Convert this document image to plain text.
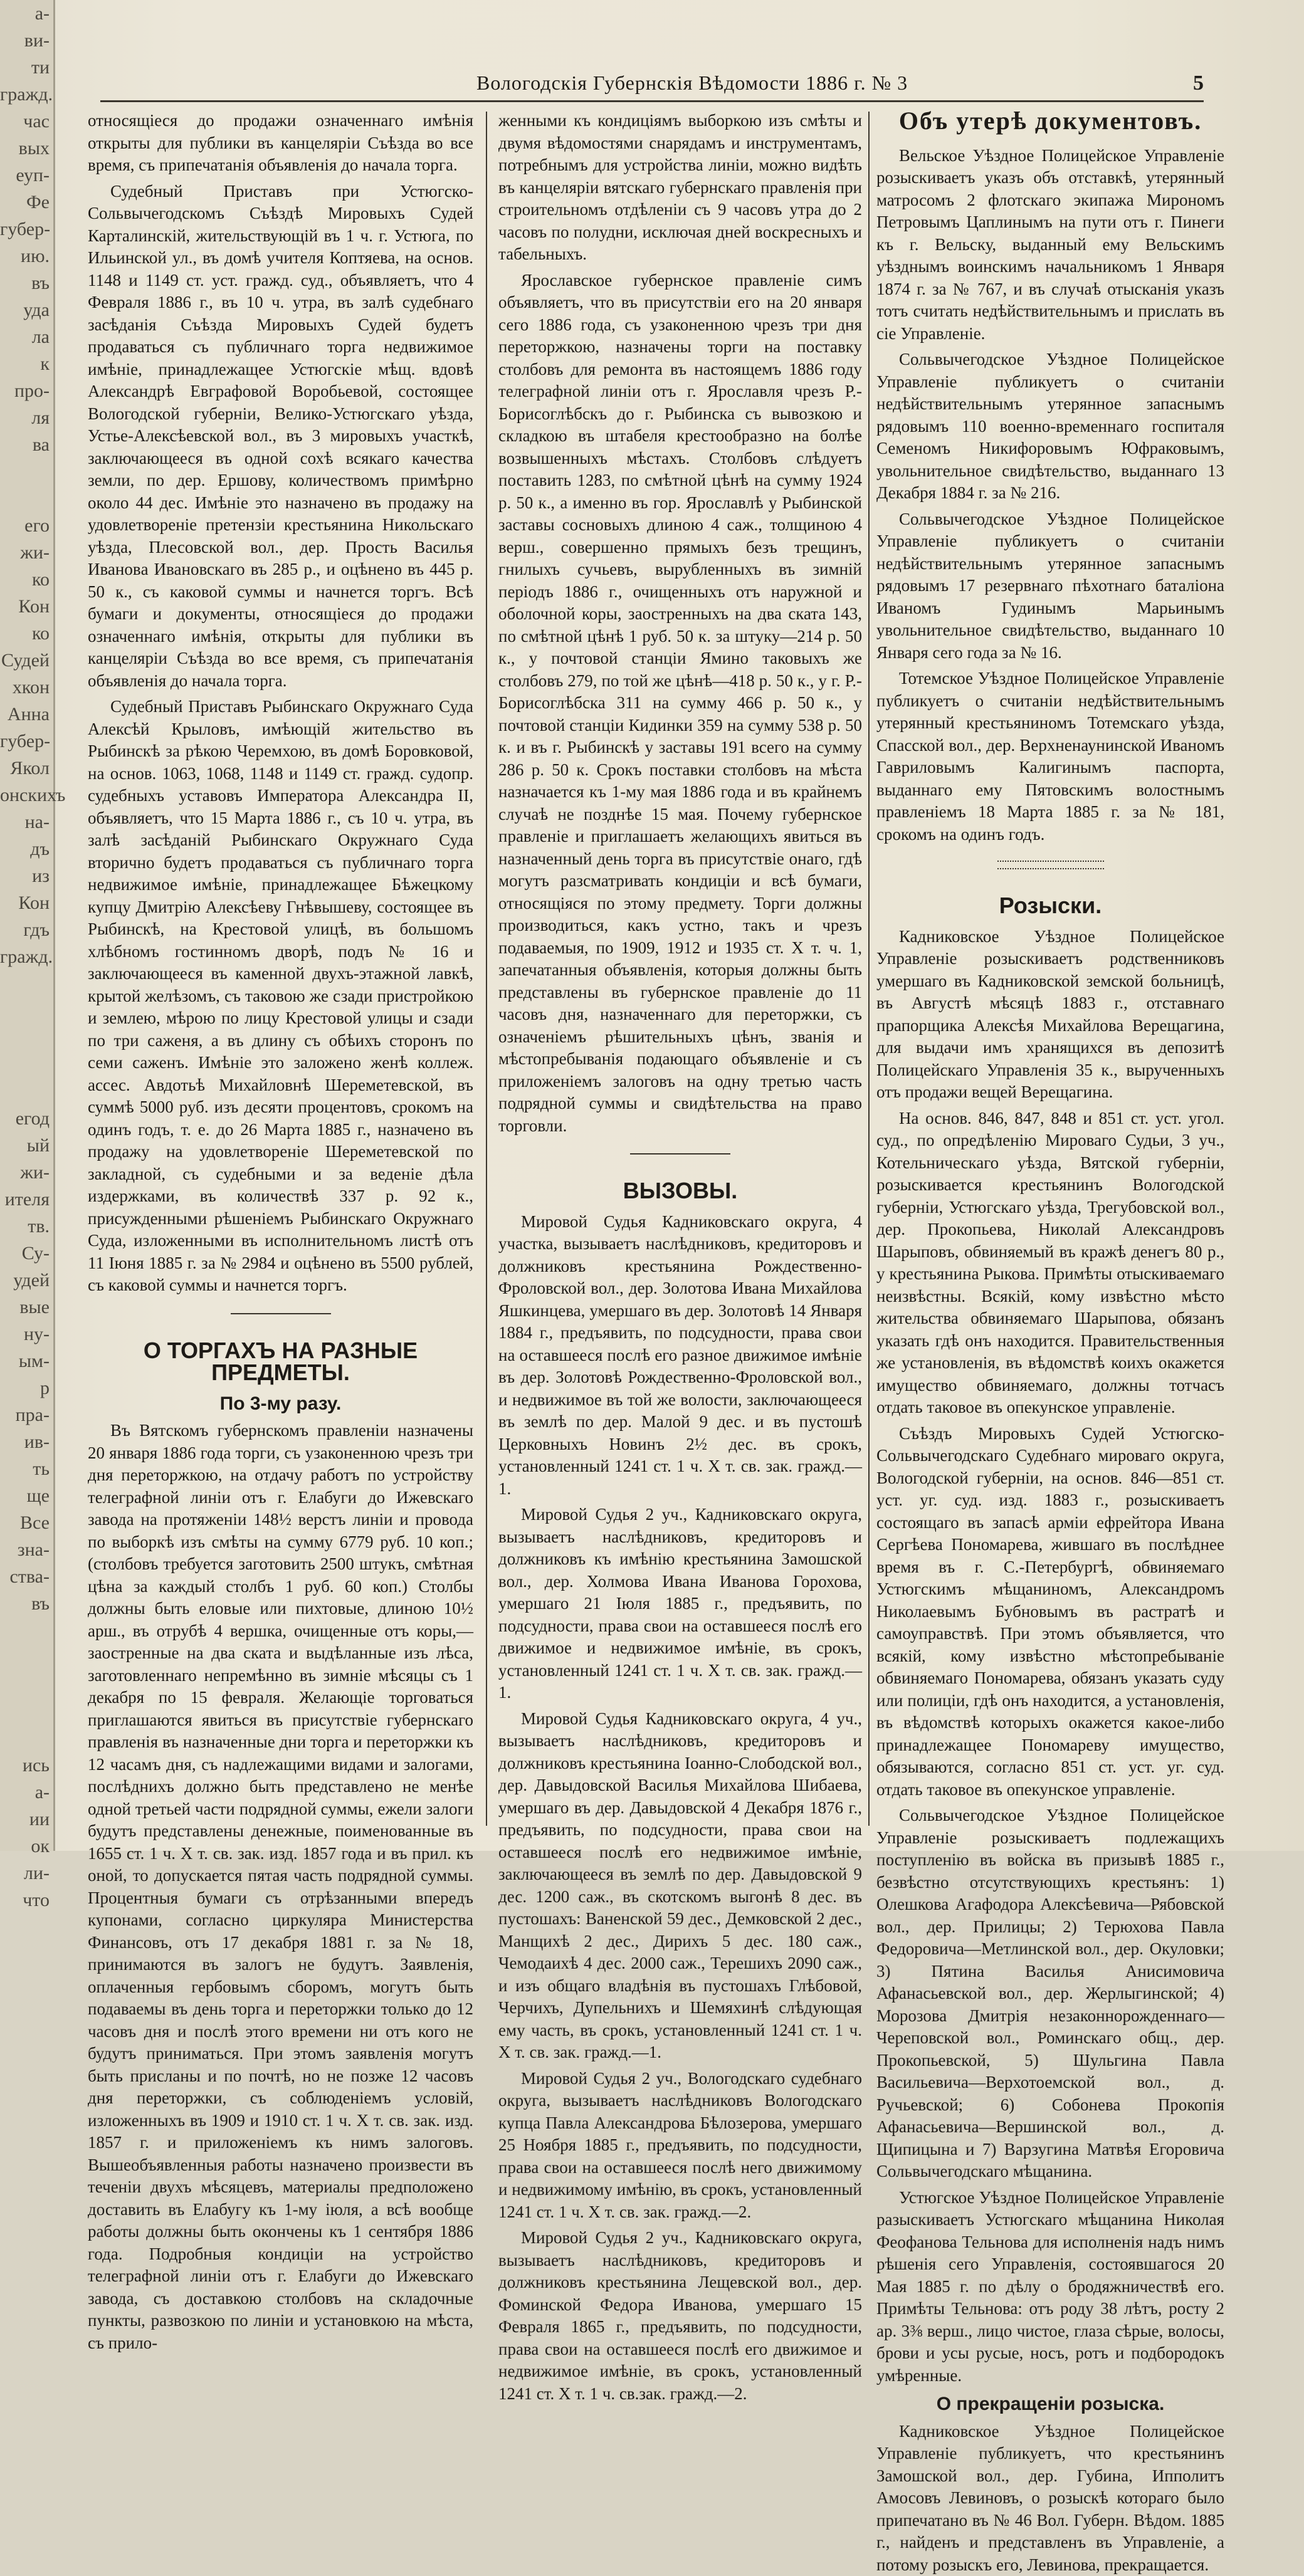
а-
ви-
ти
гражд.
час
вых
еуп-
Фе
губер-
ию.
въ
уда
ла
к
про-
ля
ва

его
жи-
ко
Кон
ко
Судей
хкон
Анна
губер-
Якол
онскихъ
на-
дъ
из
Кон
гдъ
гражд.

егод
ый
жи-
ителя
тв.
Су-
удей
вые
ну-
ым-
р
пра-
ив-
ть
ще
Все
зна-
ства-
въ

ись
а-
ии
ок
ли-
что
Вологодскія Губернскія Вѣдомости 1886 г. № 3	5

относящіеся до продажи означеннаго имѣнія открыты для публики въ канцеляріи Съѣзда во все время, съ припечатанія объявленія до начала торга.

Судебный Приставъ при Устюгско-Сольвычегодскомъ Съѣздѣ Мировыхъ Судей Карталинскій, жительствующій въ 1 ч. г. Устюга, по Ильинской ул., въ домѣ учителя Коптяева, на основ. 1148 и 1149 ст. уст. гражд. суд., объявляетъ, что 4 Февраля 1886 г., въ 10 ч. утра, въ залѣ судебнаго засѣданія Съѣзда Мировыхъ Судей будетъ продаваться съ публичнаго торга недвижимое имѣніе, принадлежащее Устюгскіе мѣщ. вдовѣ Александрѣ Евграфовой Воробьевой, состоящее Вологодской губерніи, Велико-Устюгскаго уѣзда, Устье-Алексѣевской вол., въ 3 мировыхъ участкѣ, заключающееся въ одной сохѣ всякаго качества земли, по дер. Ершову, количествомъ примѣрно около 44 дес. Имѣніе это назначено въ продажу на удовлетвореніе претензіи крестьянина Никольскаго уѣзда, Плесовской вол., дер. Прость Василья Ивановa Ивановскаго въ 285 р., и оцѣнено въ 445 р. 50 к., съ каковой суммы и начнется торгъ. Всѣ бумаги и документы, относящіеся до продажи означеннаго имѣнія, открыты для публики въ канцеляріи Съѣзда во все время, съ припечатанія объявленія до начала торга.

Судебный Приставъ Рыбинскаго Окружнаго Суда Алексѣй Крыловъ, имѣющій жительство въ Рыбинскѣ за рѣкою Черемхою, въ домѣ Боровковой, на основ. 1063, 1068, 1148 и 1149 ст. гражд. судопр. судебныхъ уставовъ Императора Александра II, объявляетъ, что 15 Марта 1886 г., съ 10 ч. утра, въ залѣ засѣданій Рыбинскаго Окружнаго Суда вторично будетъ продаваться съ публичнаго торга недвижимое имѣніе, принадлежащее Бѣжецкому купцу Дмитрію Алексѣеву Гнѣвышеву, состоящее въ Рыбинскѣ, на Крестовой улицѣ, въ большомъ хлѣбномъ гостинномъ дворѣ, подъ № 16 и заключающееся въ каменной двухъ-этажной лавкѣ, крытой желѣзомъ, съ таковою же сзади пристройкою и землею, мѣрою по лицу Крестовой улицы и сзади по три саженя, а въ длину съ обѣихъ сторонъ по семи саженъ. Имѣніе это заложено женѣ коллеж. ассес. Авдотьѣ Михайловнѣ Шереметевской, въ суммѣ 5000 руб. изъ десяти процентовъ, срокомъ на одинъ годъ, т. е. до 26 Марта 1885 г., назначено въ продажу на удовлетвореніе Шереметевской по закладной, съ судебными и за веденіе дѣла издержками, въ количествѣ 337 р. 92 к., присужденными рѣшеніемъ Рыбинскаго Окружнаго Суда, изложенными въ исполнительномъ листѣ отъ 11 Іюня 1885 г. за № 2984 и оцѣнено въ 5500 рублей, съ каковой суммы и начнется торгъ.

О ТОРГАХЪ НА РАЗНЫЕ ПРЕДМЕТЫ.
По 3-му разу.

Въ Вятскомъ губернскомъ правленіи назначены 20 января 1886 года торги, съ узаконенною чрезъ три дня переторжкою, на отдачу работъ по устройству телеграфной линіи отъ г. Елабуги до Ижевскаго завода на протяженіи 148½ верстъ линіи и провода по выборкѣ изъ смѣты на сумму 6779 руб. 10 коп.; (столбовъ требуется заготовить 2500 штукъ, смѣтная цѣна за каждый столбъ 1 руб. 60 коп.) Столбы должны быть еловые или пихтовые, длиною 10½ арш., въ отрубѣ 4 вершка, очищенные отъ коры,—заостренные на два ската и выдѣланные изъ лѣса, заготовленнаго непремѣнно въ зимніе мѣсяцы съ 1 декабря по 15 февраля. Желающіе торговаться приглашаются явиться въ присутствіе губернскаго правленія въ назначенные дни торга и переторжки къ 12 часамъ дня, съ надлежащими видами и залогами, послѣднихъ должно быть представлено не менѣе одной третьей части подрядной суммы, ежели залоги будутъ представлены денежные, поименованные въ 1655 ст. 1 ч. X т. св. зак. изд. 1857 года и въ прил. къ оной, то допускается пятая часть подрядной суммы. Процентныя бумаги съ отрѣзанными впередъ купонами, согласно циркуляра Министерства Финансовъ, отъ 17 декабря 1881 г. за № 18, принимаются въ залогъ не будутъ. Заявленія, оплаченныя гербовымъ сборомъ, могутъ быть подаваемы въ день торга и переторжки только до 12 часовъ дня и послѣ этого времени ни отъ кого не будутъ приниматься. При этомъ заявленія могутъ быть присланы и по почтѣ, но не позже 12 часовъ дня переторжки, съ соблюденіемъ условій, изложенныхъ въ 1909 и 1910 ст. 1 ч. X т. св. зак. изд. 1857 г. и приложеніемъ къ нимъ залоговъ. Вышеобъявленныя работы назначено произвести въ теченіи двухъ мѣсяцевъ, материалы предположено доставить въ Елабугу къ 1-му іюля, а всѣ вообще работы должны быть окончены къ 1 сентября 1886 года. Подробныя кондиціи на устройство телеграфной линіи отъ г. Елабуги до Ижевскаго завода, съ доставкою столбовъ на складочные пункты, развозкою по линіи и установкою на мѣста, съ прило-

женными къ кондиціямъ выборкою изъ смѣты и двумя вѣдомостями снарядамъ и инструментамъ, потребнымъ для устройства линіи, можно видѣть въ канцеляріи вятскаго губернскаго правленія при строительномъ отдѣленіи съ 9 часовъ утра до 2 часовъ по полудни, исключая дней воскресныхъ и табельныхъ.

Ярославское губернское правленіе симъ объявляетъ, что въ присутствіи его на 20 января сего 1886 года, съ узаконенною чрезъ три дня переторжкою, назначены торги на поставку столбовъ для ремонта въ настоящемъ 1886 году телеграфной линіи отъ г. Ярославля чрезъ Р.-Борисоглѣбскъ до г. Рыбинска съ вывозкою и складкою въ штабеля крестообразно на болѣе возвышенныхъ мѣстахъ. Столбовъ слѣдуетъ поставить 1283, по смѣтной цѣнѣ на сумму 1924 р. 50 к., а именно въ гор. Ярославлѣ у Рыбинской заставы сосновыхъ длиною 4 саж., толщиною 4 верш., совершенно прямыхъ безъ трещинъ, гнилыхъ сучьевъ, вырубленныхъ въ зимній періодъ 1886 г., очищенныхъ отъ наружной и оболочной коры, заостренныхъ на два ската 143, по смѣтной цѣнѣ 1 руб. 50 к. за штуку—214 р. 50 к., у почтовой станціи Ямино таковыхъ же столбовъ 279, по той же цѣнѣ—418 р. 50 к., у г. Р.-Борисоглѣбска 311 на сумму 466 р. 50 к., у почтовой станціи Кидинки 359 на сумму 538 р. 50 к. и въ г. Рыбинскѣ у заставы 191 всего на сумму 286 р. 50 к. Срокъ поставки столбовъ на мѣста назначается къ 1-му мая 1886 года и въ крайнемъ случаѣ не позднѣе 15 мая. Почему губернское правленіе и приглашаетъ желающихъ явиться въ назначенный день торга въ присутствіе онаго, гдѣ могутъ разсматривать кондиціи и всѣ бумаги, относящіяся по этому предмету. Торги должны производиться, какъ устно, такъ и чрезъ подаваемыя, по 1909, 1912 и 1935 ст. X т. ч. 1, запечатанныя объявленія, которыя должны быть представлены въ губернское правленіе до 11 часовъ дня, назначеннаго для переторжки, съ означеніемъ рѣшительныхъ цѣнъ, званія и мѣстопребыванія подающаго объявленіе и съ приложеніемъ залоговъ на одну третью часть подрядной суммы и свидѣтельства на право торговли.

ВЫЗОВЫ.

Мировой Судья Кадниковскаго округа, 4 участка, вызываетъ наслѣдниковъ, кредиторовъ и должниковъ крестьянина Рождественно-Фроловской вол., дер. Золотова Ивана Михайлова Яшкинцева, умершаго въ дер. Золотовѣ 14 Января 1884 г., предъявить, по подсудности, права свои на оставшееся послѣ его разное движимое имѣніе въ дер. Золотовѣ Рождественно-Фроловской вол., и недвижимое въ той же волости, заключающееся въ землѣ по дер. Малой 9 дес. и въ пустошѣ Церковныхъ Новинъ 2½ дес. въ срокъ, установленный 1241 ст. 1 ч. X т. св. зак. гражд.—1.

Мировой Судья 2 уч., Кадниковскаго округа, вызываетъ наслѣдниковъ, кредиторовъ и должниковъ къ имѣнію крестьянина Замошской вол., дер. Холмова Ивана Иванова Горохова, умершаго 21 Іюля 1885 г., предъявить, по подсудности, права свои на оставшееся послѣ его движимое и недвижимое имѣніе, въ срокъ, установленный 1241 ст. 1 ч. X т. св. зак. гражд.—1.

Мировой Судья Кадниковскаго округа, 4 уч., вызываетъ наслѣдниковъ, кредиторовъ и должниковъ крестьянина Іоанно-Слободской вол., дер. Давыдовской Василья Михайлова Шибаева, умершаго въ дер. Давыдовской 4 Декабря 1876 г., предъявить, по подсудности, права свои на оставшееся послѣ его недвижимое имѣніе, заключающееся въ землѣ по дер. Давыдовской 9 дес. 1200 саж., въ скотскомъ выгонѣ 8 дес. въ пустошахъ: Ваненской 59 дес., Демковской 2 дес., Манщихѣ 2 дес., Дирихъ 5 дес. 180 саж., Чемодаихѣ 4 дес. 2000 саж., Терешихъ 2090 саж., и изъ общаго владѣнія въ пустошахъ Глѣбовой, Черчихъ, Дупельнихъ и Шемяхинѣ слѣдующая ему часть, въ срокъ, установленный 1241 ст. 1 ч. X т. св. зак. гражд.—1.

Мировой Судья 2 уч., Вологодскаго судебнаго округа, вызываетъ наслѣдниковъ Вологодскаго купца Павла Александрова Бѣлозерова, умершаго 25 Ноября 1885 г., предъявить, по подсудности, права свои на оставшееся послѣ него движимому и недвижимому имѣнію, въ срокъ, установленный 1241 ст. 1 ч. X т. св. зак. гражд.—2.

Мировой Судья 2 уч., Кадниковскаго округа, вызываетъ наслѣдниковъ, кредиторовъ и должниковъ крестьянина Лещевской вол., дер. Фоминской Федора Иванова, умершаго 15 Февраля 1865 г., предъявить, по подсудности, права свои на оставшееся послѣ его движимое и недвижимое имѣніе, въ срокъ, установленный 1241 ст. X т. 1 ч. св.зак. гражд.—2.

Объ утерѣ документовъ.

Вельское Уѣздное Полицейское Управленіе розыскиваетъ указъ объ отставкѣ, утерянный матросомъ 2 флотскаго экипажа Мирономъ Петровымъ Цаплинымъ на пути отъ г. Пинеги къ г. Вельску, выданный ему Вельскимъ уѣзднымъ воинскимъ начальникомъ 1 Января 1874 г. за № 767, и въ случаѣ отысканія указъ тотъ считать недѣйствительнымъ и прислать въ сіе Управленіе.

Сольвычегодское Уѣздное Полицейское Управленіе публикуетъ о считаніи недѣйствительнымъ утерянное запаснымъ рядовымъ 110 военно-временнаго госпиталя Семеномъ Никифоровымъ Юфраковымъ, увольнительное свидѣтельство, выданнаго 13 Декабря 1884 г. за № 216.

Сольвычегодское Уѣздное Полицейское Управленіе публикуетъ о считаніи недѣйствительнымъ утерянное запаснымъ рядовымъ 17 резервнаго пѣхотнаго баталіона Иваномъ Гудинымъ Марьинымъ увольнительное свидѣтельство, выданнаго 10 Января сего года за № 16.

Тотемское Уѣздное Полицейское Управленіе публикуетъ о считаніи недѣйствительнымъ утерянный крестьяниномъ Тотемскаго уѣзда, Спасской вол., дер. Верхненаунинской Иваномъ Гавриловымъ Калигинымъ паспорта, выданнаго ему Пятовскимъ волостнымъ правленіемъ 18 Марта 1885 г. за № 181, срокомъ на одинъ годъ.

Розыски.

Кадниковское Уѣздное Полицейское Управленіе розыскиваетъ родственниковъ умершаго въ Кадниковской земской больницѣ, въ Августѣ мѣсяцѣ 1883 г., отставнаго прапорщика Алексѣя Михайлова Верещагина, для выдачи имъ хранящихся въ депозитѣ Полицейскаго Управленія 35 к., вырученныхъ отъ продажи вещей Верещагина.

На основ. 846, 847, 848 и 851 ст. уст. угол. суд., по опредѣленію Мироваго Судьи, 3 уч., Котельническаго уѣзда, Вятской губерніи, розыскивается крестьянинъ Вологодской губерніи, Устюгскаго уѣзда, Трегубовской вол., дер. Прокопьева, Николай Александровъ Шарыповъ, обвиняемый въ кражѣ денегъ 80 р., у крестьянина Рыкова. Примѣты отыскиваемаго неизвѣстны. Всякій, кому извѣстно мѣсто жительства обвиняемаго Шарыпова, обязанъ указать гдѣ онъ находится. Правительственныя же установленія, въ вѣдомствѣ коихъ окажется имущество обвиняемаго, должны тотчасъ отдать таковое въ опекунское управленіе.

Съѣздъ Мировыхъ Судей Устюгско-Сольвычегодскаго Судебнаго мироваго округа, Вологодской губерніи, на основ. 846—851 ст. уст. уг. суд. изд. 1883 г., розыскиваетъ состоящаго въ запасѣ арміи ефрейтора Ивана Сергѣева Пономарева, жившаго въ послѣднее время въ г. С.-Петербургѣ, обвиняемаго Устюгскимъ мѣщаниномъ, Александромъ Николаевымъ Бубновымъ въ растратѣ и самоуправствѣ. При этомъ объявляется, что всякій, кому извѣстно мѣстопребываніе обвиняемаго Пономарева, обязанъ указать суду или полиціи, гдѣ онъ находится, а установленія, въ вѣдомствѣ которыхъ окажется какое-либо принадлежащее Пономареву имущество, обязываются, согласно 851 ст. уст. уг. суд. отдать таковое въ опекунское управленіе.

Сольвычегодское Уѣздное Полицейское Управленіе розыскиваетъ подлежащихъ поступленію въ войска въ призывѣ 1885 г., безвѣстно отсутствующихъ крестьянъ: 1) Олешкова Агафодора Алексѣевича—Рябовской вол., дер. Прилицы; 2) Терюхова Павла Федоровича—Метлинской вол., дер. Окуловки; 3) Пятина Василья Анисимовича Афанасьевской вол., дер. Жерлыгинской; 4) Морозова Дмитрія незаконнорожденнаго—Череповской вол., Роминскаго общ., дер. Прокопьевской, 5) Шульгина Павла Васильевича—Верхотоемской вол., д. Ручьевской; 6) Собонева Прокопія Афанасьевича—Вершинской вол., д. Щипицына и 7) Варзугина Матвѣя Егоровича Сольвычегодскаго мѣщанина.

Устюгское Уѣздное Полицейское Управленіе разыскиваетъ Устюгскаго мѣщанина Николая Феофанова Тельнова для исполненія надъ нимъ рѣшенія сего Управленія, состоявшагося 20 Мая 1885 г. по дѣлу о бродяжничествѣ его. Примѣты Тельнова: отъ роду 38 лѣтъ, росту 2 ар. 3⅜ верш., лицо чистое, глаза сѣрые, волосы, брови и усы русые, носъ, ротъ и подбородокъ умѣренные.

О прекращеніи розыска.

Кадниковское Уѣздное Полицейское Управленіе публикуетъ, что крестьянинъ Замошской вол., дер. Губина, Ипполитъ Амосовъ Левиновъ, о розыскѣ котораго было припечатано въ № 46 Вол. Губерн. Вѣдом. 1885 г., найденъ и представленъ въ Управленіе, а потому розыскъ его, Левинова, прекращается.
